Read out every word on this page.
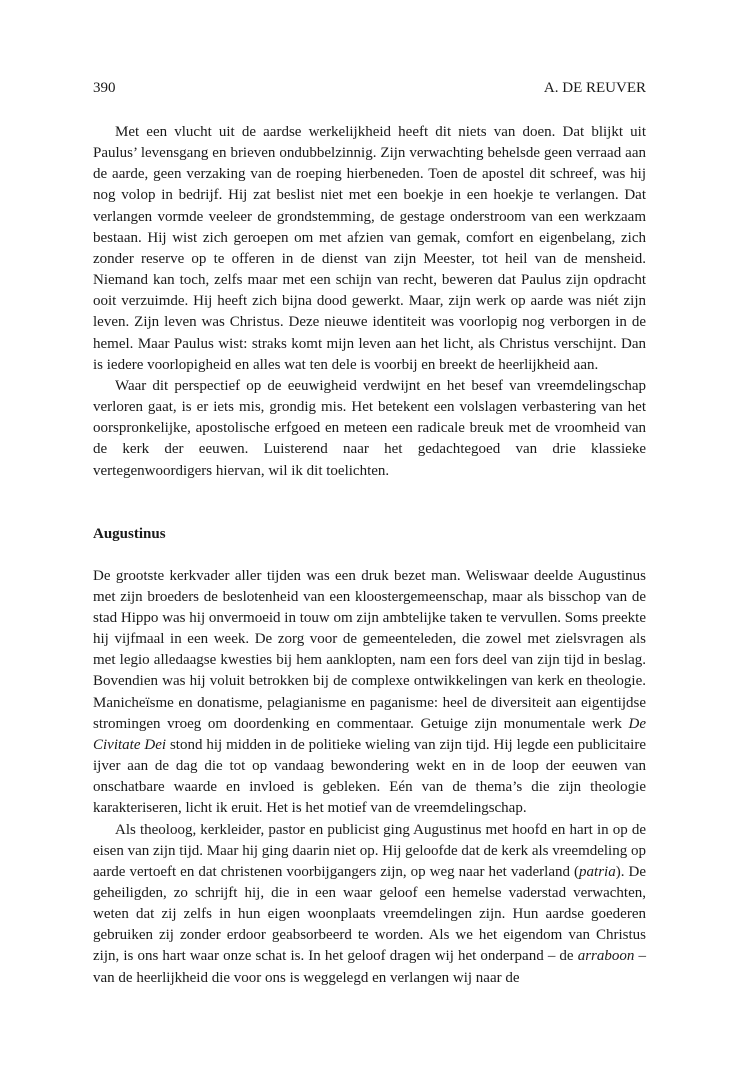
390	A. DE REUVER

Met een vlucht uit de aardse werkelijkheid heeft dit niets van doen. Dat blijkt uit Paulus’ levensgang en brieven ondubbelzinnig. Zijn verwachting behelsde geen verraad aan de aarde, geen verzaking van de roeping hierbeneden. Toen de apostel dit schreef, was hij nog volop in bedrijf. Hij zat beslist niet met een boekje in een hoekje te verlangen. Dat verlangen vormde veeleer de grondstemming, de gestage onderstroom van een werkzaam bestaan. Hij wist zich geroepen om met afzien van gemak, comfort en eigenbelang, zich zonder reserve op te offeren in de dienst van zijn Meester, tot heil van de mensheid. Niemand kan toch, zelfs maar met een schijn van recht, beweren dat Paulus zijn opdracht ooit verzuimde. Hij heeft zich bijna dood gewerkt. Maar, zijn werk op aarde was niét zijn leven. Zijn leven was Christus. Deze nieuwe identiteit was voorlopig nog verborgen in de hemel. Maar Paulus wist: straks komt mijn leven aan het licht, als Christus verschijnt. Dan is iedere voorlopigheid en alles wat ten dele is voorbij en breekt de heerlijkheid aan.

Waar dit perspectief op de eeuwigheid verdwijnt en het besef van vreemdelingschap verloren gaat, is er iets mis, grondig mis. Het betekent een volslagen verbastering van het oorspronkelijke, apostolische erfgoed en meteen een radicale breuk met de vroomheid van de kerk der eeuwen. Luisterend naar het gedachtegoed van drie klassieke vertegenwoordigers hiervan, wil ik dit toelichten.

Augustinus

De grootste kerkvader aller tijden was een druk bezet man. Weliswaar deelde Augustinus met zijn broeders de beslotenheid van een kloostergemeenschap, maar als bisschop van de stad Hippo was hij onvermoeid in touw om zijn ambtelijke taken te vervullen. Soms preekte hij vijfmaal in een week. De zorg voor de gemeenteleden, die zowel met zielsvragen als met legio alledaagse kwesties bij hem aanklopten, nam een fors deel van zijn tijd in beslag. Bovendien was hij voluit betrokken bij de complexe ontwikkelingen van kerk en theologie. Manicheïsme en donatisme, pelagianisme en paganisme: heel de diversiteit aan eigentijdse stromingen vroeg om doordenking en commentaar. Getuige zijn monumentale werk De Civitate Dei stond hij midden in de politieke wieling van zijn tijd. Hij legde een publicitaire ijver aan de dag die tot op vandaag bewondering wekt en in de loop der eeuwen van onschatbare waarde en invloed is gebleken. Eén van de thema’s die zijn theologie karakteriseren, licht ik eruit. Het is het motief van de vreemdelingschap.

Als theoloog, kerkleider, pastor en publicist ging Augustinus met hoofd en hart in op de eisen van zijn tijd. Maar hij ging daarin niet op. Hij geloofde dat de kerk als vreemdeling op aarde vertoeft en dat christenen voorbijgangers zijn, op weg naar het vaderland (patria). De geheiligden, zo schrijft hij, die in een waar geloof een hemelse vaderstad verwachten, weten dat zij zelfs in hun eigen woonplaats vreemdelingen zijn. Hun aardse goederen gebruiken zij zonder erdoor geabsorbeerd te worden. Als we het eigendom van Christus zijn, is ons hart waar onze schat is. In het geloof dragen wij het onderpand – de arraboon – van de heerlijkheid die voor ons is weggelegd en verlangen wij naar de
